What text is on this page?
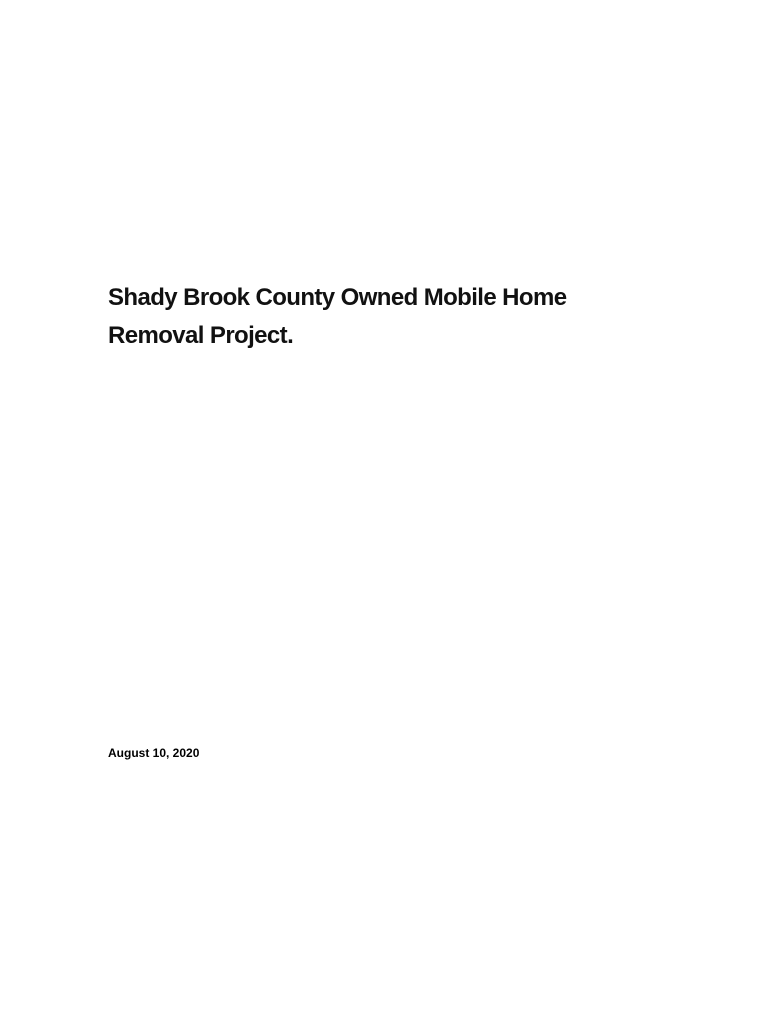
Shady Brook County Owned Mobile Home
Removal Project.

August 10, 2020
